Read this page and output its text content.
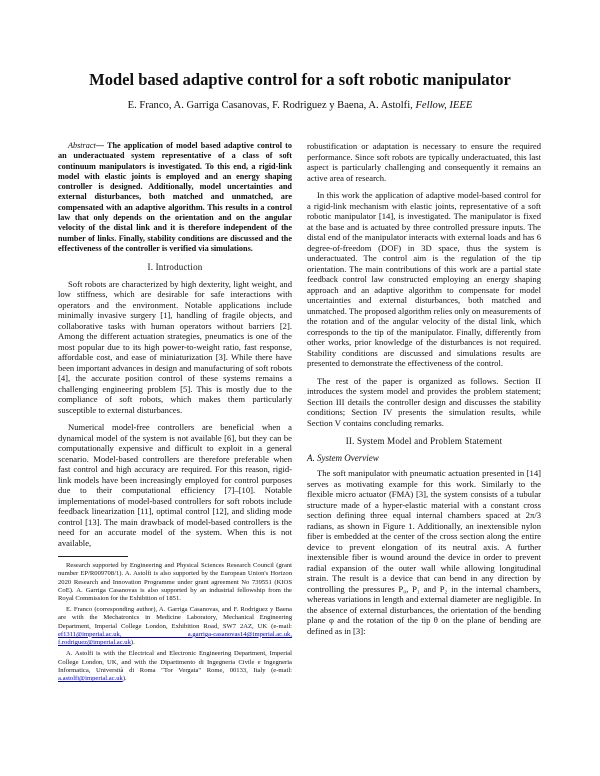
Model based adaptive control for a soft robotic manipulator
E. Franco, A. Garriga Casanovas, F. Rodriguez y Baena, A. Astolfi, Fellow, IEEE

Abstract— The application of model based adaptive control to an underactuated system representative of a class of soft continuum manipulators is investigated. To this end, a rigid-link model with elastic joints is employed and an energy shaping controller is designed. Additionally, model uncertainties and external disturbances, both matched and unmatched, are compensated with an adaptive algorithm. This results in a control law that only depends on the orientation and on the angular velocity of the distal link and it is therefore independent of the number of links. Finally, stability conditions are discussed and the effectiveness of the controller is verified via simulations.

I. Introduction

Soft robots are characterized by high dexterity, light weight, and low stiffness, which are desirable for safe interactions with operators and the environment. Notable applications include minimally invasive surgery [1], handling of fragile objects, and collaborative tasks with human operators without barriers [2]. Among the different actuation strategies, pneumatics is one of the most popular due to its high power-to-weight ratio, fast response, affordable cost, and ease of miniaturization [3]. While there have been important advances in design and manufacturing of soft robots [4], the accurate position control of these systems remains a challenging engineering problem [5]. This is mostly due to the compliance of soft robots, which makes them particularly susceptible to external disturbances.

Numerical model-free controllers are beneficial when a dynamical model of the system is not available [6], but they can be computationally expensive and difficult to exploit in a general scenario. Model-based controllers are therefore preferable when fast control and high accuracy are required. For this reason, rigid-link models have been increasingly employed for control purposes due to their computational efficiency [7]–[10]. Notable implementations of model-based controllers for soft robots include feedback linearization [11], optimal control [12], and sliding mode control [13]. The main drawback of model-based controllers is the need for an accurate model of the system. When this is not available,

Research supported by Engineering and Physical Sciences Research Council (grant number EP/R009708/1). A. Astolfi is also supported by the European Union's Horizon 2020 Research and Innovation Programme under grant agreement No 739551 (KIOS CoE). A. Garriga Casanovas is also supported by an industrial fellowship from the Royal Commission for the Exhibition of 1851.
E. Franco (corresponding author), A. Garriga Casanovas, and F. Rodriguez y Baena are with the Mechatronics in Medicine Laboratory, Mechanical Engineering Department, Imperial College London, Exhibition Road, SW7 2AZ, UK (e-mail: ef1311@imperial.ac.uk, a.garriga-casanovas14@imperial.ac.uk, f.rodriguez@imperial.ac.uk).
A. Astolfi is with the Electrical and Electronic Engineering Department, Imperial College London, UK, and with the Dipartimento di Ingegneria Civile e Ingegneria Informatica, Università di Roma "Tor Vergata" Rome, 00133, Italy (e-mail: a.astolfi@imperial.ac.uk).

robustification or adaptation is necessary to ensure the required performance. Since soft robots are typically underactuated, this last aspect is particularly challenging and consequently it remains an active area of research.

In this work the application of adaptive model-based control for a rigid-link mechanism with elastic joints, representative of a soft robotic manipulator [14], is investigated. The manipulator is fixed at the base and is actuated by three controlled pressure inputs. The distal end of the manipulator interacts with external loads and has 6 degree-of-freedom (DOF) in 3D space, thus the system is underactuated. The control aim is the regulation of the tip orientation. The main contributions of this work are a partial state feedback control law constructed employing an energy shaping approach and an adaptive algorithm to compensate for model uncertainties and external disturbances, both matched and unmatched. The proposed algorithm relies only on measurements of the rotation and of the angular velocity of the distal link, which corresponds to the tip of the manipulator. Finally, differently from other works, prior knowledge of the disturbances is not required. Stability conditions are discussed and simulations results are presented to demonstrate the effectiveness of the control.

The rest of the paper is organized as follows. Section II introduces the system model and provides the problem statement; Section III details the controller design and discusses the stability conditions; Section IV presents the simulation results, while Section V contains concluding remarks.

II. System Model and Problem Statement
A. System Overview

The soft manipulator with pneumatic actuation presented in [14] serves as motivating example for this work. Similarly to the flexible micro actuator (FMA) [3], the system consists of a tubular structure made of a hyper-elastic material with a constant cross section defining three equal internal chambers spaced at 2π/3 radians, as shown in Figure 1. Additionally, an inextensible nylon fiber is embedded at the center of the cross section along the entire device to prevent elongation of its neutral axis. A further inextensible fiber is wound around the device in order to prevent radial expansion of the outer wall while allowing longitudinal strain. The result is a device that can bend in any direction by controlling the pressures P₀, P₁ and P₂ in the internal chambers, whereas variations in length and external diameter are negligible. In the absence of external disturbances, the orientation of the bending plane φ and the rotation of the tip θ on the plane of bending are defined as in [3]:
